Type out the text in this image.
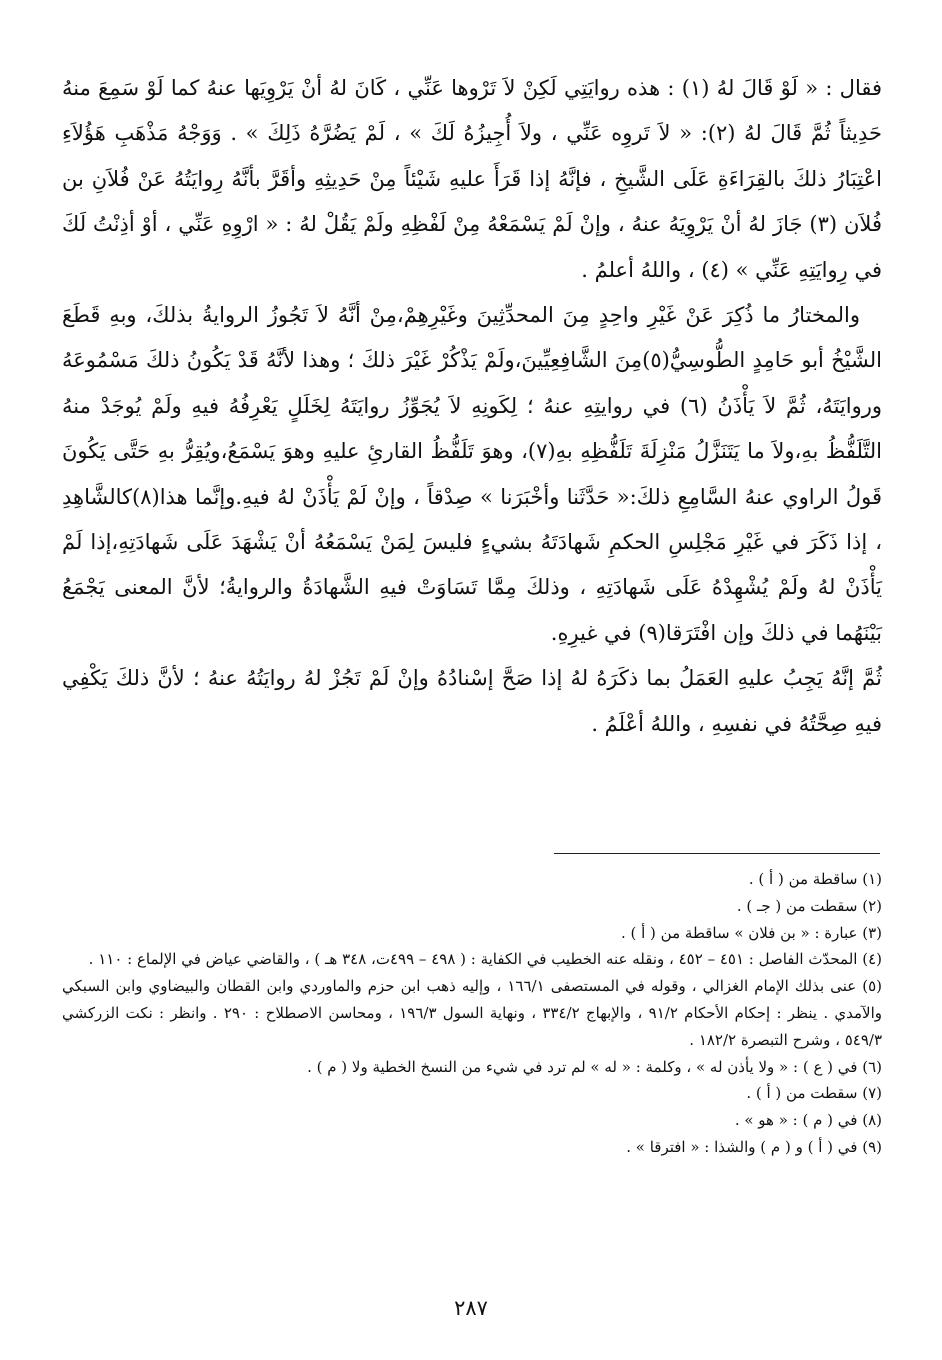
فقال : « لَوْ قَالَ لهُ (١) : هذه روايَتِي لَكِنْ لاَ تَرْوها عَنِّي ، كَانَ لهُ أنْ يَرْوِيَها عنهُ كما لَوْ سَمِعَ منهُ حَدِيثاً ثُمَّ قَالَ لهُ (٢): « لاَ تَروِه عَنِّي ، ولاَ أُجِيزُهُ لَكَ » ، لَمْ يَضُرَّهُ ذَلِكَ » . وَوَجْهُ مَذْهَبِ هَؤُلاَءِ اعْتِبَارُ ذلكَ بالقِرَاءَةِ عَلَى الشَّيخِ ، فإنَّهُ إذا قَرَأَ عليهِ شَيْئاً مِنْ حَدِيثِهِ وأقَرَّ بأنَّهُ رِوايَتُهُ عَنْ فُلاَنِ بن فُلاَن (٣) جَازَ لهُ أنْ يَرْوِيَهُ عنهُ ، وإنْ لَمْ يَسْمَعْهُ مِنْ لَفْظِهِ ولَمْ يَقُلْ لهُ : « ارْوِهِ عَنِّي ، أوْ أذِنْتُ لَكَ في رِوايَتِهِ عَنِّي » (٤) ، واللهُ أعلمُ .

والمختارُ ما ذُكِرَ عَنْ غَيْرِ واحِدٍ مِنَ المحدِّثِينَ وغَيْرِهِمْ،مِنْ أنَّهُ لاَ تَجُوزُ الروايةُ بذلكَ، وبهِ قَطَعَ الشَّيْخُ أبو حَامِدٍ الطُّوسِيُّ(٥)مِنَ الشَّافِعِيِّينَ،ولَمْ يَذْكُرْ غَيْرَ ذلكَ ؛ وهذا لأنَّهُ قَدْ يَكُونُ ذلكَ مَسْمُوعَهُ وروايَتَهُ، ثُمَّ لاَ يَأْذَنُ (٦) في روايتِهِ عنهُ ؛ لِكَونِهِ لاَ يُجَوِّزُ روايَتَهُ لِخَلَلٍ يَعْرِفُهُ فيهِ ولَمْ يُوجَدْ منهُ التَّلَفُّظُ بهِ،ولاَ ما يَتَنَزَّلُ مَنْزِلَةَ تَلَفُّظِهِ بهِ(٧)، وهوَ تَلَفُّظُ القارئِ عليهِ وهوَ يَسْمَعُ،ويُقِرُّ بهِ حَتَّى يَكُونَ قَولُ الراوي عنهُ السَّامِعِ ذلكَ:« حَدَّثَنا وأخْبَرَنا » صِدْقاً ، وإنْ لَمْ يَأْذَنْ لهُ فيهِ.وإنَّما هذا(٨)كالشَّاهِدِ ، إذا ذَكَرَ في غَيْرِ مَجْلِسِ الحكمِ شَهادَتَهُ بشيءٍ فليسَ لِمَنْ يَسْمَعُهُ أنْ يَشْهَدَ عَلَى شَهادَتِهِ،إذا لَمْ يَأْذَنْ لهُ ولَمْ يُشْهِدْهُ عَلَى شَهادَتِهِ ، وذلكَ مِمَّا تَسَاوَتْ فيهِ الشَّهادَةُ والروايةُ؛ لأنَّ المعنى يَجْمَعُ بَيْنَهُما في ذلكَ وإن افْتَرَقا(٩) في غيرِهِ.

ثُمَّ إنَّهُ يَجِبُ عليهِ العَمَلُ بما ذكَرَهُ لهُ إذا صَحَّ إسْنادُهُ وإنْ لَمْ تَجُزْ لهُ روايَتُهُ عنهُ ؛ لأنَّ ذلكَ يَكْفِي فيهِ صِحَّتُهُ في نفسِهِ ، واللهُ أعْلَمُ .

(١) ساقطة من ( أ ) .

(٢) سقطت من ( جـ ) .

(٣) عبارة : « بن فلان » ساقطة من ( أ ) .

(٤) المحدّث الفاصل : ٤٥١ – ٤٥٢ ، ونقله عنه الخطيب في الكفاية : ( ٤٩٨ – ٤٩٩ت، ٣٤٨ هـ ) ، والقاضي عياض في الإلماع : ١١٠ .

(٥) عنى بذلك الإمام الغزالي ، وقوله في المستصفى ١٦٦/١ ، وإليه ذهب ابن حزم والماوردي وابن القطان والبيضاوي وابن السبكي والآمدي . ينظر : إحكام الأحكام ٩١/٢ ، والإبهاج ٣٣٤/٢ ، ونهاية السول ١٩٦/٣ ، ومحاسن الاصطلاح : ٢٩٠ . وانظر : نكت الزركشي ٥٤٩/٣ ، وشرح التبصرة ١٨٢/٢ .

(٦) في ( ع ) : « ولا يأذن له » ، وكلمة : « له » لم ترد في شيء من النسخ الخطية ولا ( م ) .

(٧) سقطت من ( أ ) .

(٨) في ( م ) : « هو » .

(٩) في ( أ ) و ( م ) والشذا : « افترقا » .

٢٨٧
